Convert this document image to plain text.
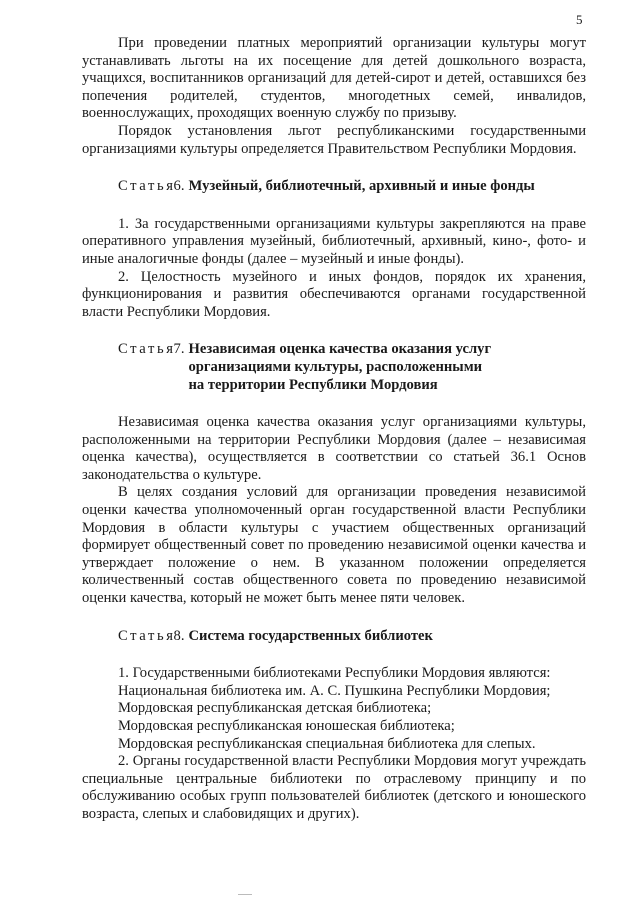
5

При проведении платных мероприятий организации культуры могут устанавливать льготы на их посещение для детей дошкольного возраста, учащихся, воспитанников организаций для детей-сирот и детей, оставшихся без попечения родителей, студентов, многодетных семей, инвалидов, военнослужащих, проходящих военную службу по призыву.

Порядок установления льгот республиканскими государственными организациями культуры определяется Правительством Республики Мордовия.

Статья
6. Музейный, библиотечный, архивный и иные фонды

1. За государственными организациями культуры закрепляются на праве оперативного управления музейный, библиотечный, архивный, кино-, фото- и иные аналогичные фонды (далее – музейный и иные фонды).

2. Целостность музейного и иных фондов, порядок их хранения, функционирования и развития обеспечиваются органами государственной власти Республики Мордовия.

Статья
7. Независимая оценка качества оказания услуг
организациями культуры, расположенными
на территории Республики Мордовия

Независимая оценка качества оказания услуг организациями культуры, расположенными на территории Республики Мордовия (далее – независимая оценка качества), осуществляется в соответствии со статьей 36.1 Основ законодательства о культуре.

В целях создания условий для организации проведения независимой оценки качества уполномоченный орган государственной власти Республики Мордовия в области культуры с участием общественных организаций формирует общественный совет по проведению независимой оценки качества и утверждает положение о нем. В указанном положении определяется количественный состав общественного совета по проведению независимой оценки качества, который не может быть менее пяти человек.

Статья
8. Система государственных библиотек

1. Государственными библиотеками Республики Мордовия являются:

Национальная библиотека им. А. С. Пушкина Республики Мордовия;
Мордовская республиканская детская библиотека;
Мордовская республиканская юношеская библиотека;
Мордовская республиканская специальная библиотека для слепых.

2. Органы государственной власти Республики Мордовия могут учреждать специальные центральные библиотеки по отраслевому принципу и по обслуживанию особых групп пользователей библиотек (детского и юношеского возраста, слепых и слабовидящих и других).
